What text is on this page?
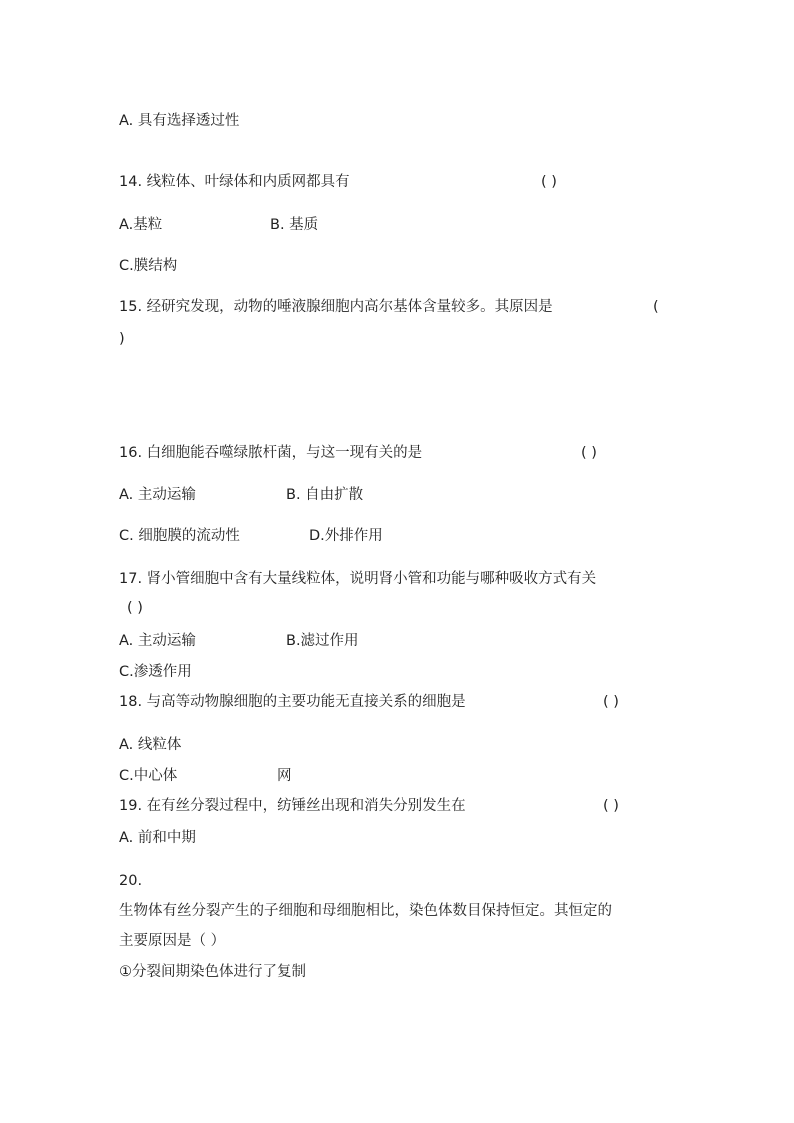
A. 具有选择透过性
14. 线粒体、叶绿体和内质网都具有	( )
A.基粒	B. 基质
C.膜结构
15. 经研究发现，动物的唾液腺细胞内高尔基体含量较多。其原因是	(
)
16. 白细胞能吞噬绿脓杆菌，与这一现有关的是	( )
A. 主动运输	B. 自由扩散
C. 细胞膜的流动性	D.外排作用
17. 肾小管细胞中含有大量线粒体，说明肾小管和功能与哪种吸收方式有关
( )
A. 主动运输	B.滤过作用
C.渗透作用
18. 与高等动物腺细胞的主要功能无直接关系的细胞是	( )
A. 线粒体
C.中心体	网
19. 在有丝分裂过程中，纺锤丝出现和消失分别发生在	( )
A. 前和中期
20.
生物体有丝分裂产生的子细胞和母细胞相比，染色体数目保持恒定。其恒定的
主要原因是（ ）
①分裂间期染色体进行了复制
